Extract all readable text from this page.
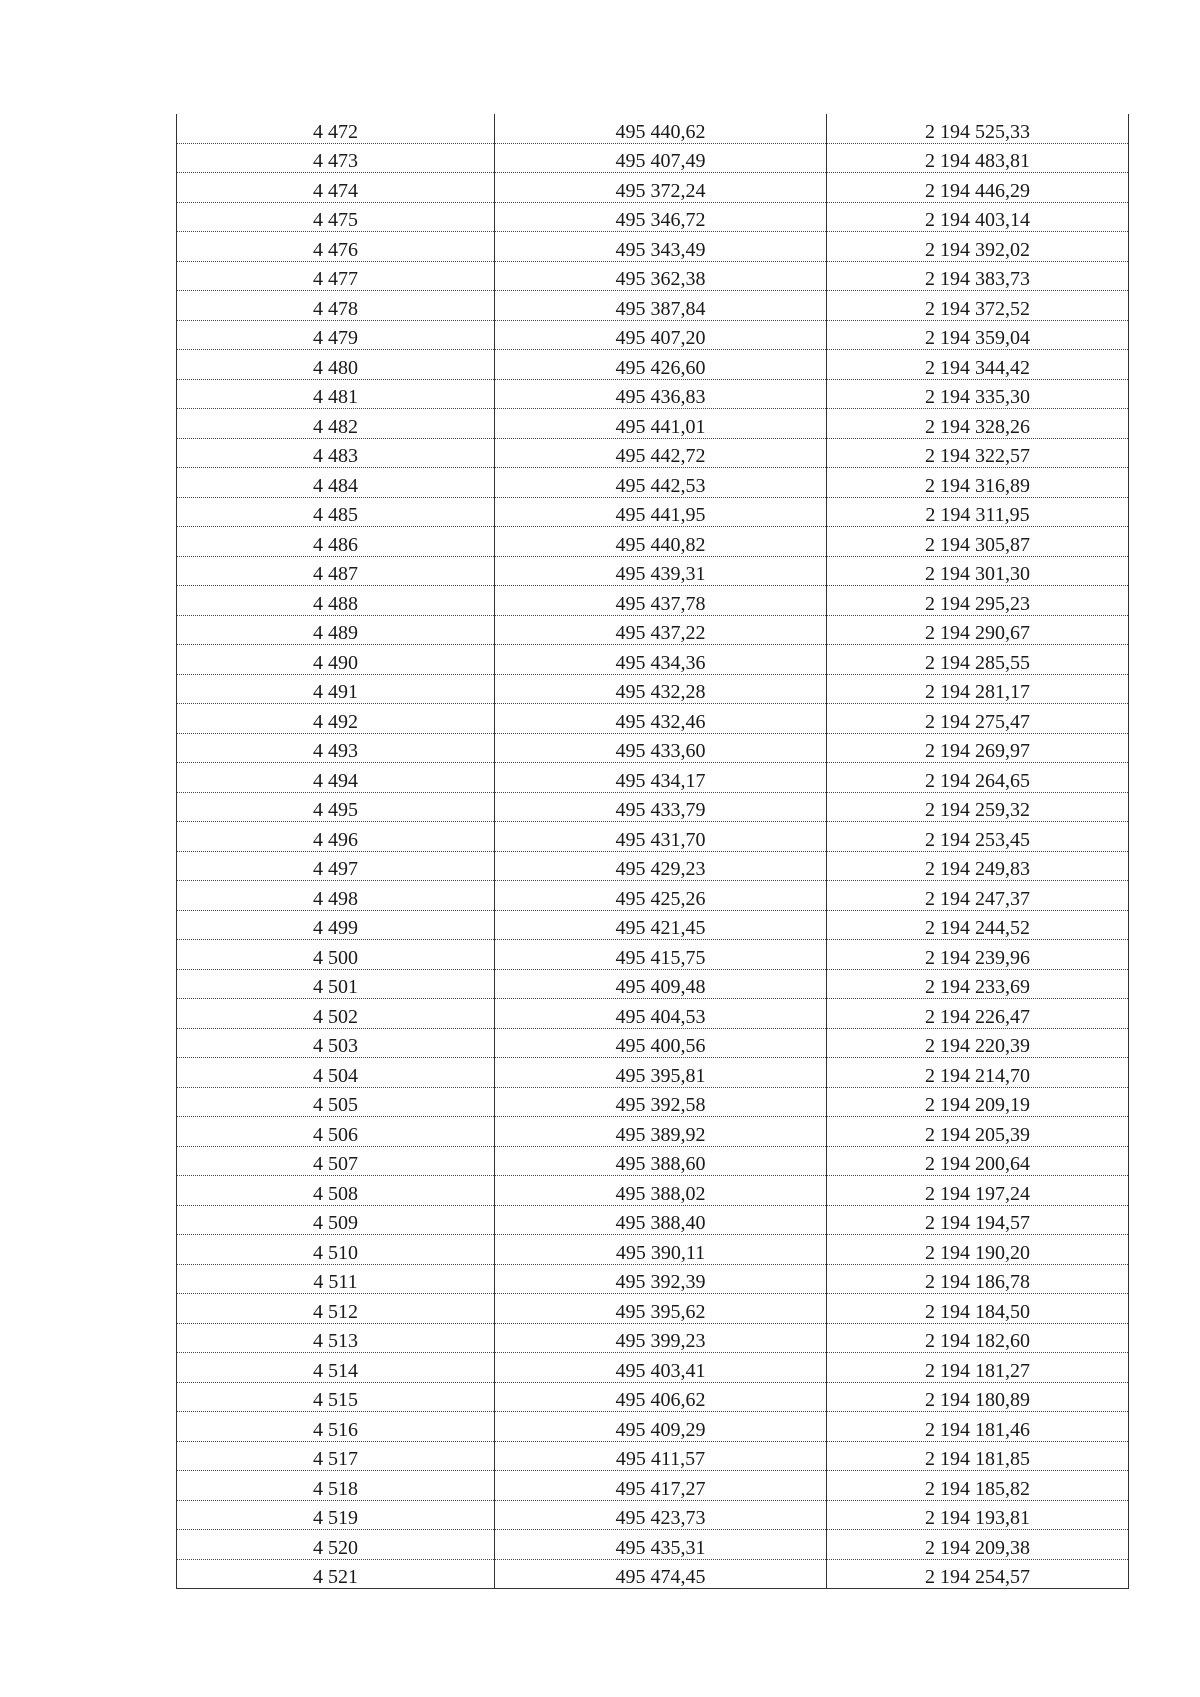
4 472	495 440,62	2 194 525,33
4 473	495 407,49	2 194 483,81
4 474	495 372,24	2 194 446,29
4 475	495 346,72	2 194 403,14
4 476	495 343,49	2 194 392,02
4 477	495 362,38	2 194 383,73
4 478	495 387,84	2 194 372,52
4 479	495 407,20	2 194 359,04
4 480	495 426,60	2 194 344,42
4 481	495 436,83	2 194 335,30
4 482	495 441,01	2 194 328,26
4 483	495 442,72	2 194 322,57
4 484	495 442,53	2 194 316,89
4 485	495 441,95	2 194 311,95
4 486	495 440,82	2 194 305,87
4 487	495 439,31	2 194 301,30
4 488	495 437,78	2 194 295,23
4 489	495 437,22	2 194 290,67
4 490	495 434,36	2 194 285,55
4 491	495 432,28	2 194 281,17
4 492	495 432,46	2 194 275,47
4 493	495 433,60	2 194 269,97
4 494	495 434,17	2 194 264,65
4 495	495 433,79	2 194 259,32
4 496	495 431,70	2 194 253,45
4 497	495 429,23	2 194 249,83
4 498	495 425,26	2 194 247,37
4 499	495 421,45	2 194 244,52
4 500	495 415,75	2 194 239,96
4 501	495 409,48	2 194 233,69
4 502	495 404,53	2 194 226,47
4 503	495 400,56	2 194 220,39
4 504	495 395,81	2 194 214,70
4 505	495 392,58	2 194 209,19
4 506	495 389,92	2 194 205,39
4 507	495 388,60	2 194 200,64
4 508	495 388,02	2 194 197,24
4 509	495 388,40	2 194 194,57
4 510	495 390,11	2 194 190,20
4 511	495 392,39	2 194 186,78
4 512	495 395,62	2 194 184,50
4 513	495 399,23	2 194 182,60
4 514	495 403,41	2 194 181,27
4 515	495 406,62	2 194 180,89
4 516	495 409,29	2 194 181,46
4 517	495 411,57	2 194 181,85
4 518	495 417,27	2 194 185,82
4 519	495 423,73	2 194 193,81
4 520	495 435,31	2 194 209,38
4 521	495 474,45	2 194 254,57
